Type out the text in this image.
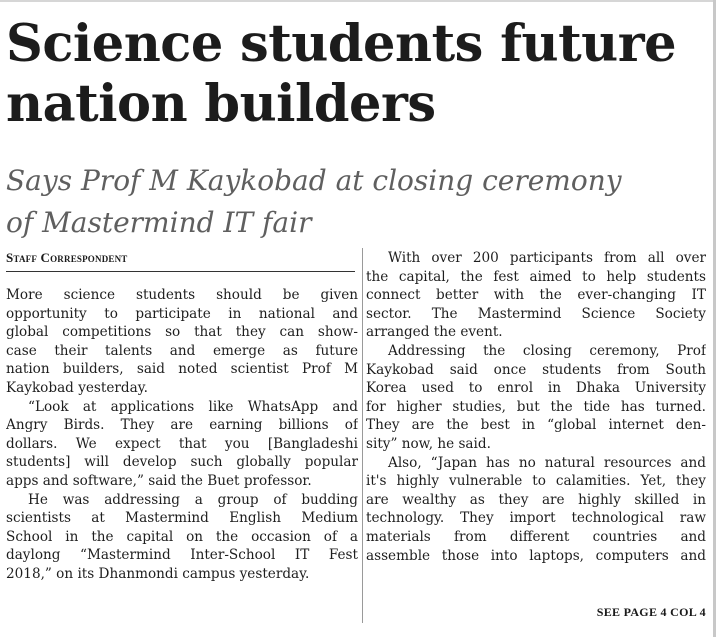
Science students future
nation builders
Says Prof M Kaykobad at closing ceremony
of Mastermind IT fair
Staff Correspondent
More science students should be given
opportunity to participate in national and
global competitions so that they can show-
case their talents and emerge as future
nation builders, said noted scientist Prof M
Kaykobad yesterday.
“Look at applications like WhatsApp and
Angry Birds. They are earning billions of
dollars. We expect that you [Bangladeshi
students] will develop such globally popular
apps and software,” said the Buet professor.
He was addressing a group of budding
scientists at Mastermind English Medium
School in the capital on the occasion of a
daylong “Mastermind Inter-School IT Fest
2018,” on its Dhanmondi campus yesterday.
With over 200 participants from all over
the capital, the fest aimed to help students
connect better with the ever-changing IT
sector. The Mastermind Science Society
arranged the event.
Addressing the closing ceremony, Prof
Kaykobad said once students from South
Korea used to enrol in Dhaka University
for higher studies, but the tide has turned.
They are the best in “global internet den-
sity” now, he said.
Also, “Japan has no natural resources and
it's highly vulnerable to calamities. Yet, they
are wealthy as they are highly skilled in
technology. They import technological raw
materials from different countries and
assemble those into laptops, computers and
SEE PAGE 4 COL 4
